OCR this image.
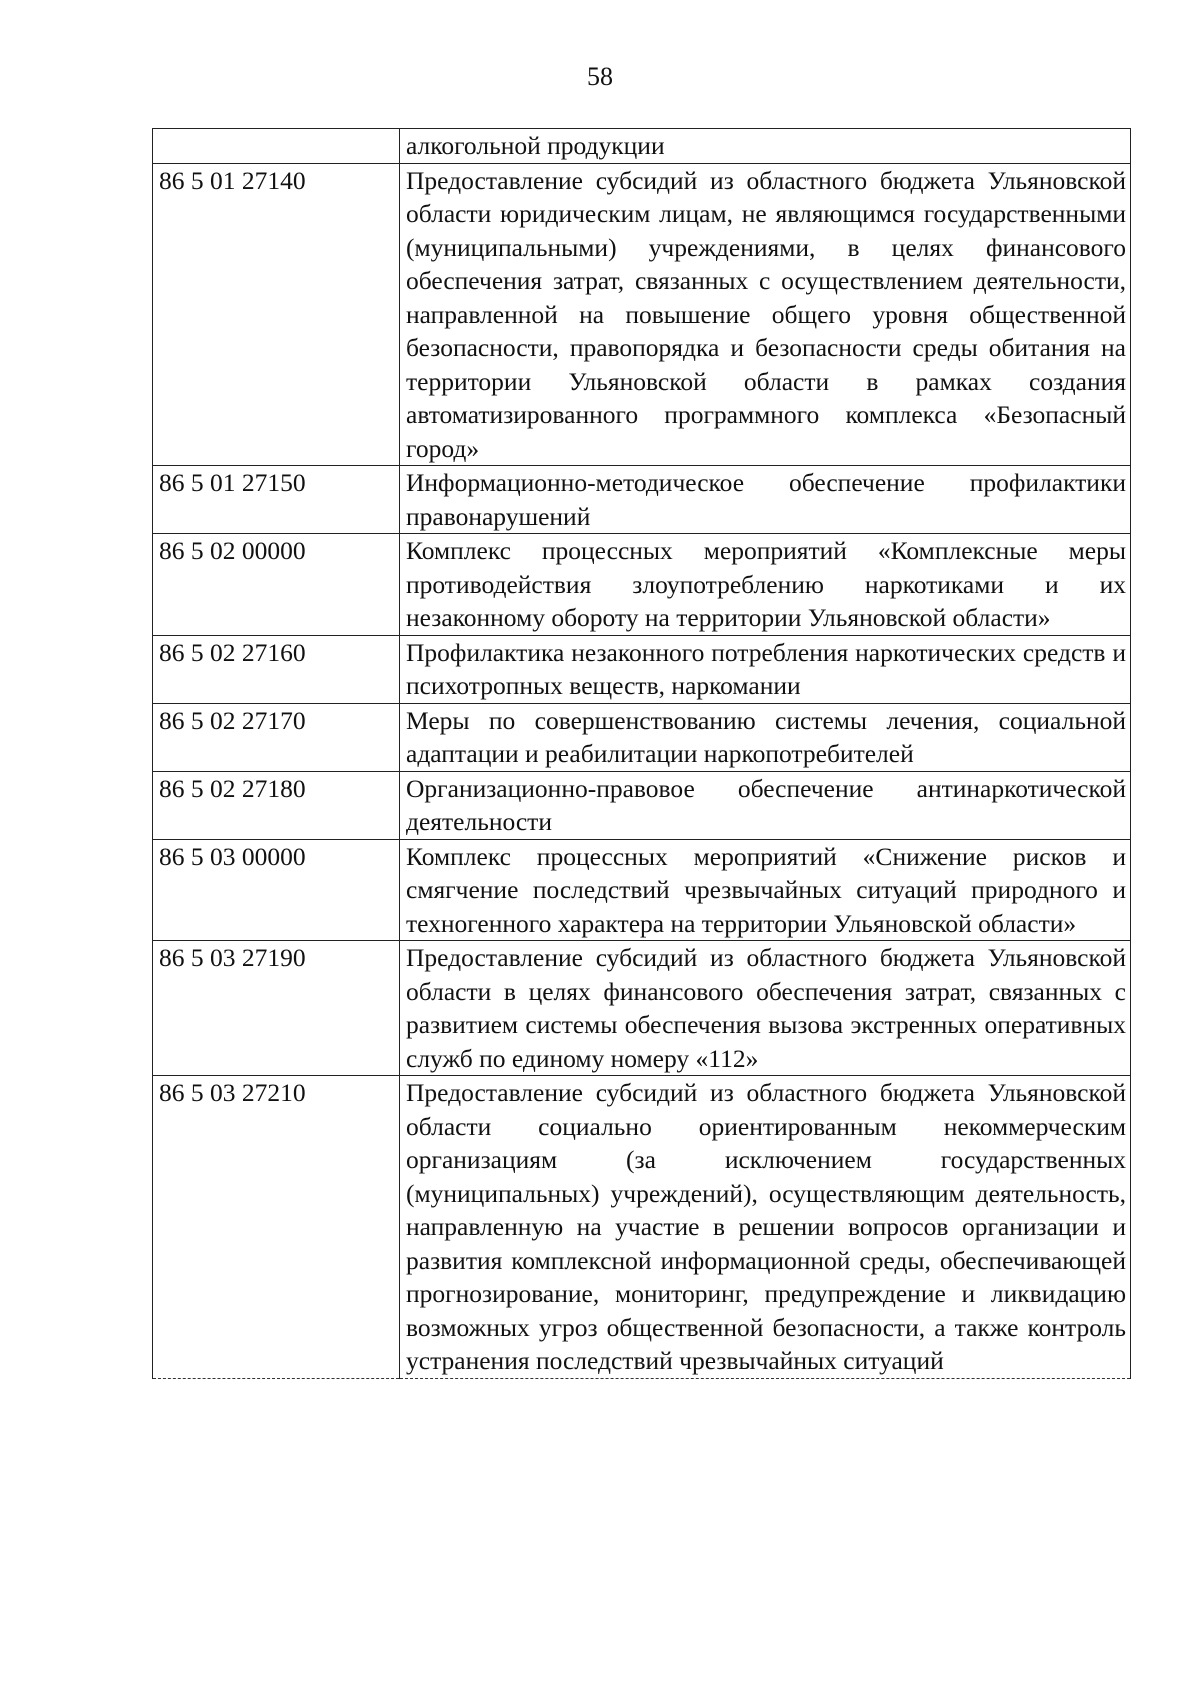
58
	алкогольной продукции
86 5 01 27140	Предоставление субсидий из областного бюджета Ульяновской области юридическим лицам, не являющимся государственными (муниципальными) учреждениями, в целях финансового обеспечения затрат, связанных с осуществлением деятельности, направленной на повышение общего уровня общественной безопасности, правопорядка и безопасности среды обитания на территории Ульяновской области в рамках создания автоматизированного программного комплекса «Безопасный город»
86 5 01 27150	Информационно-методическое обеспечение профилактики правонарушений
86 5 02 00000	Комплекс процессных мероприятий «Комплексные меры противодействия злоупотреблению наркотиками и их незаконному обороту на территории Ульяновской области»
86 5 02 27160	Профилактика незаконного потребления наркотических средств и психотропных веществ, наркомании
86 5 02 27170	Меры по совершенствованию системы лечения, социальной адаптации и реабилитации наркопотребителей
86 5 02 27180	Организационно-правовое обеспечение антинаркотической деятельности
86 5 03 00000	Комплекс процессных мероприятий «Снижение рисков и смягчение последствий чрезвычайных ситуаций природного и техногенного характера на территории Ульяновской области»
86 5 03 27190	Предоставление субсидий из областного бюджета Ульяновской области в целях финансового обеспечения затрат, связанных с развитием системы обеспечения вызова экстренных оперативных служб по единому номеру «112»
86 5 03 27210	Предоставление субсидий из областного бюджета Ульяновской области социально ориентированным некоммерческим организациям (за исключением государственных (муниципальных) учреждений), осуществляющим деятельность, направленную на участие в решении вопросов организации и развития комплексной информационной среды, обеспечивающей прогнозирование, мониторинг, предупреждение и ликвидацию возможных угроз общественной безопасности, а также контроль устранения последствий чрезвычайных ситуаций
